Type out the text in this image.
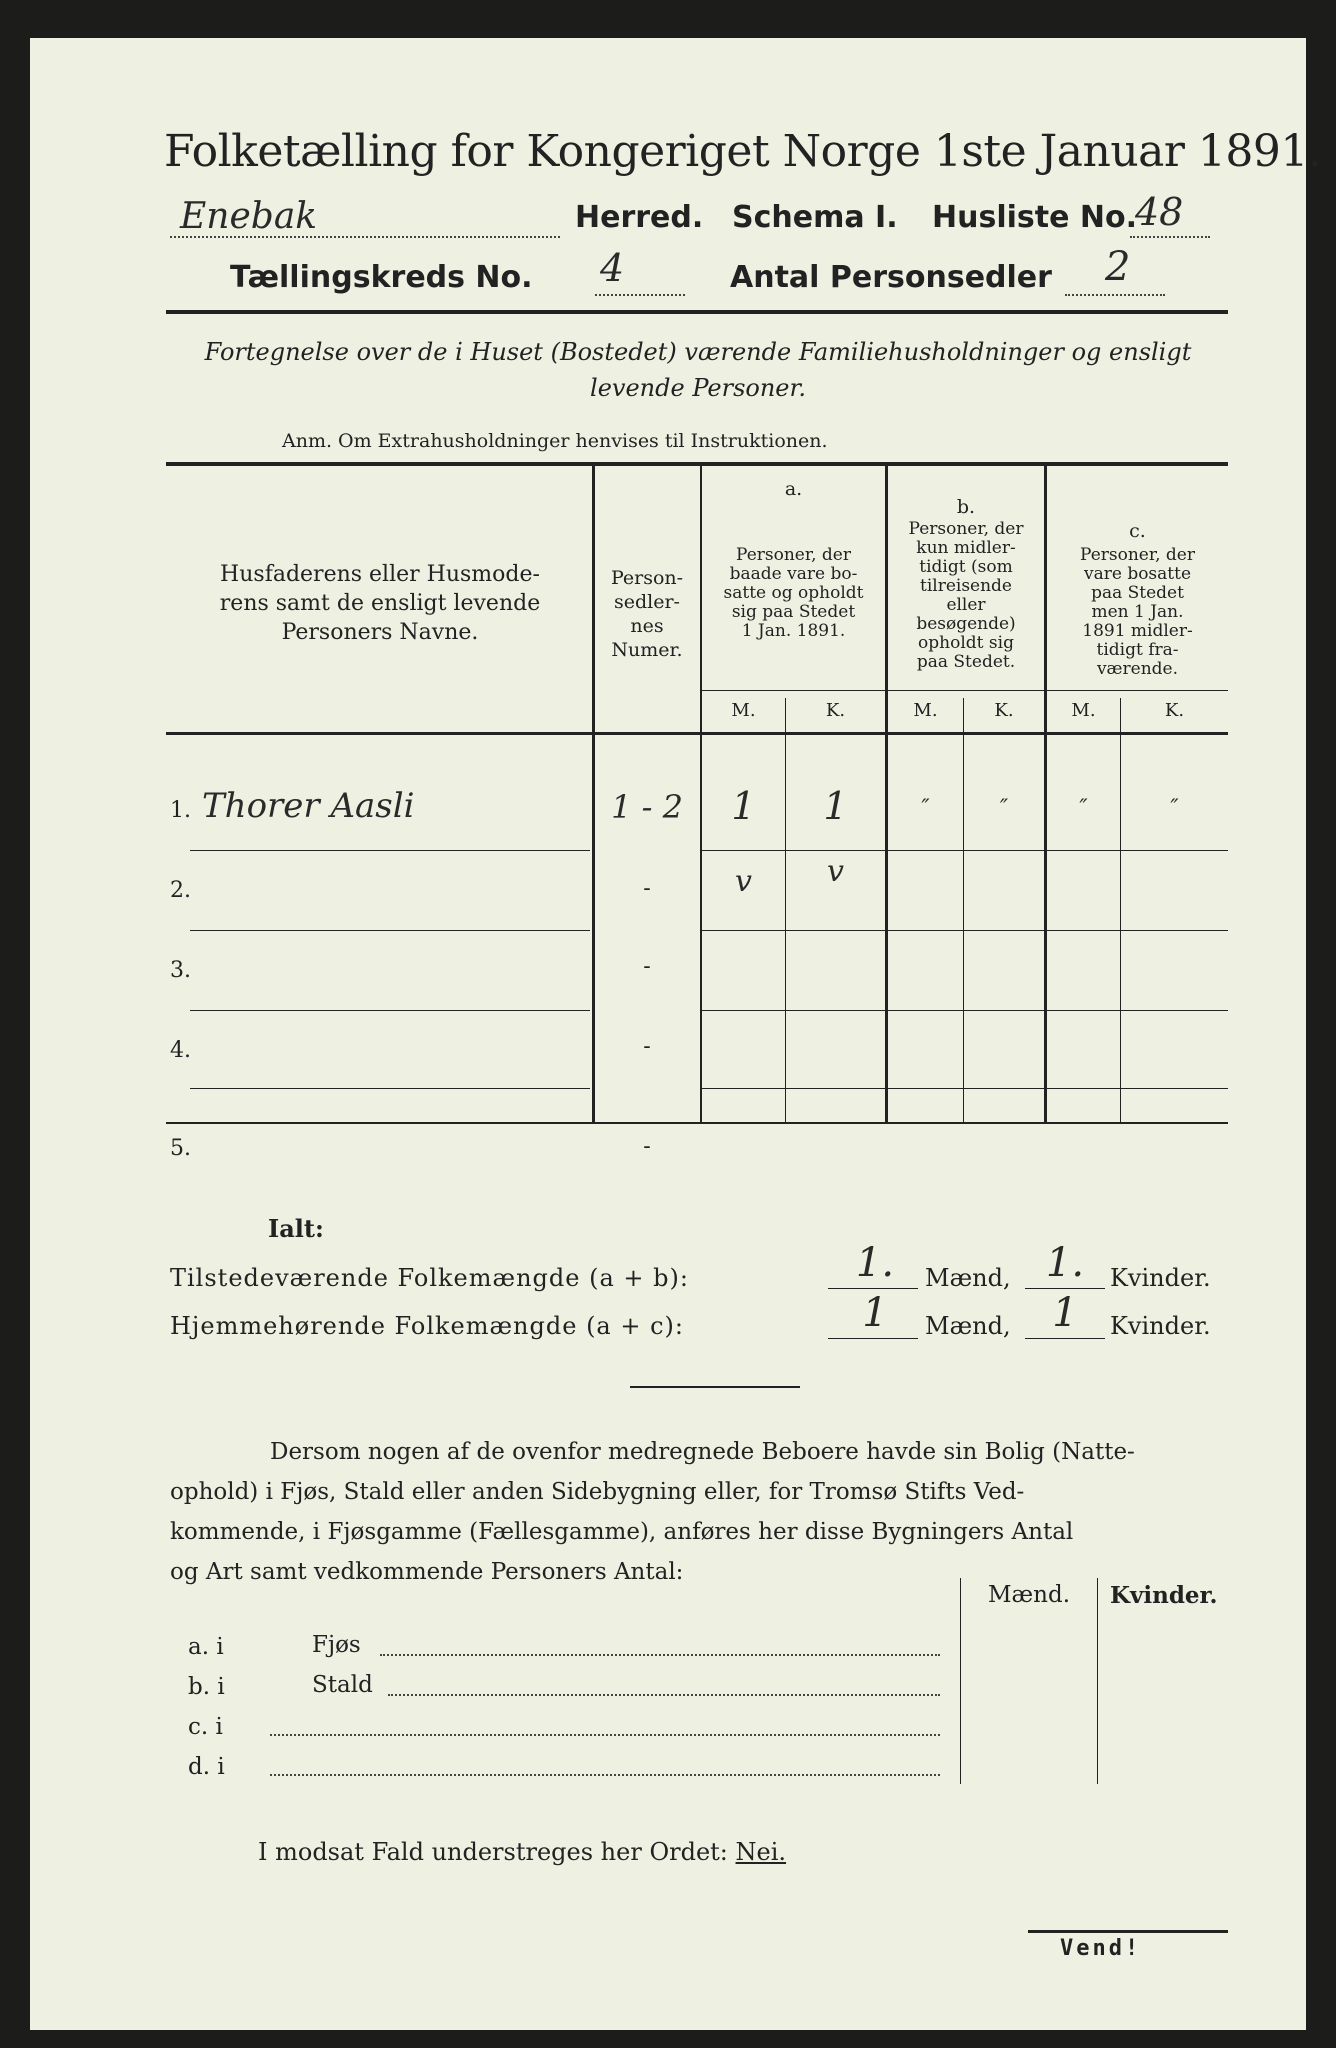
Folketælling for Kongeriget Norge 1ste Januar 1891.
Enebak	Herred. Schema I. Husliste No.
48
Tællingskreds No. 4	Antal Personsedler 2
Fortegnelse over de i Huset (Bostedet) værende Familiehusholdninger og ensligt
levende Personer.
Anm. Om Extrahusholdninger henvises til Instruktionen.
Husfaderens eller Husmode-
rens samt de ensligt levende
Personers Navne.
Person-
sedler-
nes
Numer.
a.
Personer, der
baade vare bo-
satte og opholdt
sig paa Stedet
1 Jan. 1891.
b.
Personer, der
kun midler-
tidigt (som
tilreisende
eller
besøgende)
opholdt sig
paa Stedet.
c.
Personer, der
vare bosatte
paa Stedet
men 1 Jan.
1891 midler-
tidigt fra-
værende.
M.	K.	M.	K.	M.	K.
1. Thorer Aasli	1 - 2	1	1	″	″	″	″
2.	-	v	v
3.	-
4.	-
5.	-
Ialt:
Tilstedeværende Folkemængde (a + b):	1.	Mænd, 1.	Kvinder.
Hjemmehørende Folkemængde (a + c):	1	Mænd,	1	Kvinder.
Dersom nogen af de ovenfor medregnede Beboere havde sin Bolig (Natte-
ophold) i Fjøs, Stald eller anden Sidebygning eller, for Tromsø Stifts Ved-
kommende, i Fjøsgamme (Fællesgamme), anføres her disse Bygningers Antal
og Art samt vedkommende Personers Antal:
Mænd. Kvinder.
a. i	Fjøs
b. i	Stald
c. i
d. i
I modsat Fald understreges her Ordet: Nei.
Vend!
